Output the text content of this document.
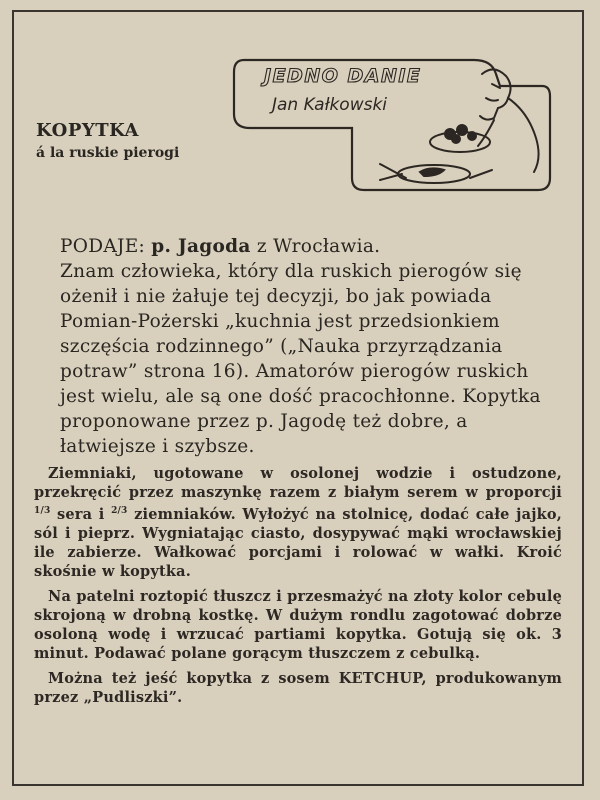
KOPYTKA
á la ruskie pierogi
JEDNO DANIE
Jan Kałkowski

PODAJE: p. Jagoda z Wrocławia.

Znam człowieka, który dla ruskich pierogów się ożenił i nie żałuje tej decyzji, bo jak powiada Pomian-Pożerski „kuchnia jest przedsionkiem szczęścia rodzinnego” („Nauka przyrządzania potraw” strona 16). Amatorów pierogów ruskich jest wielu, ale są one dość pracochłonne. Kopytka proponowane przez p. Jagodę też dobre, a łatwiejsze i szybsze.

Ziemniaki, ugotowane w osolonej wodzie i ostudzone, przekręcić przez maszynkę razem z białym serem w proporcji $^{1/3}$ sera i $^{2/3}$ ziemniaków. Wyłożyć na stolnicę, dodać całe jajko, sól i pieprz. Wygniatając ciasto, dosypywać mąki wrocławskiej ile zabierze. Wałkować porcjami i rolować w wałki. Kroić skośnie w kopytka.

Na patelni roztopić tłuszcz i przesmażyć na złoty kolor cebulę skrojoną w drobną kostkę. W dużym rondlu zagotować dobrze osoloną wodę i wrzucać partiami kopytka. Gotują się ok. 3 minut. Podawać polane gorącym tłuszczem z cebulką.

Można też jeść kopytka z sosem KETCHUP, produkowanym przez „Pudliszki”.
